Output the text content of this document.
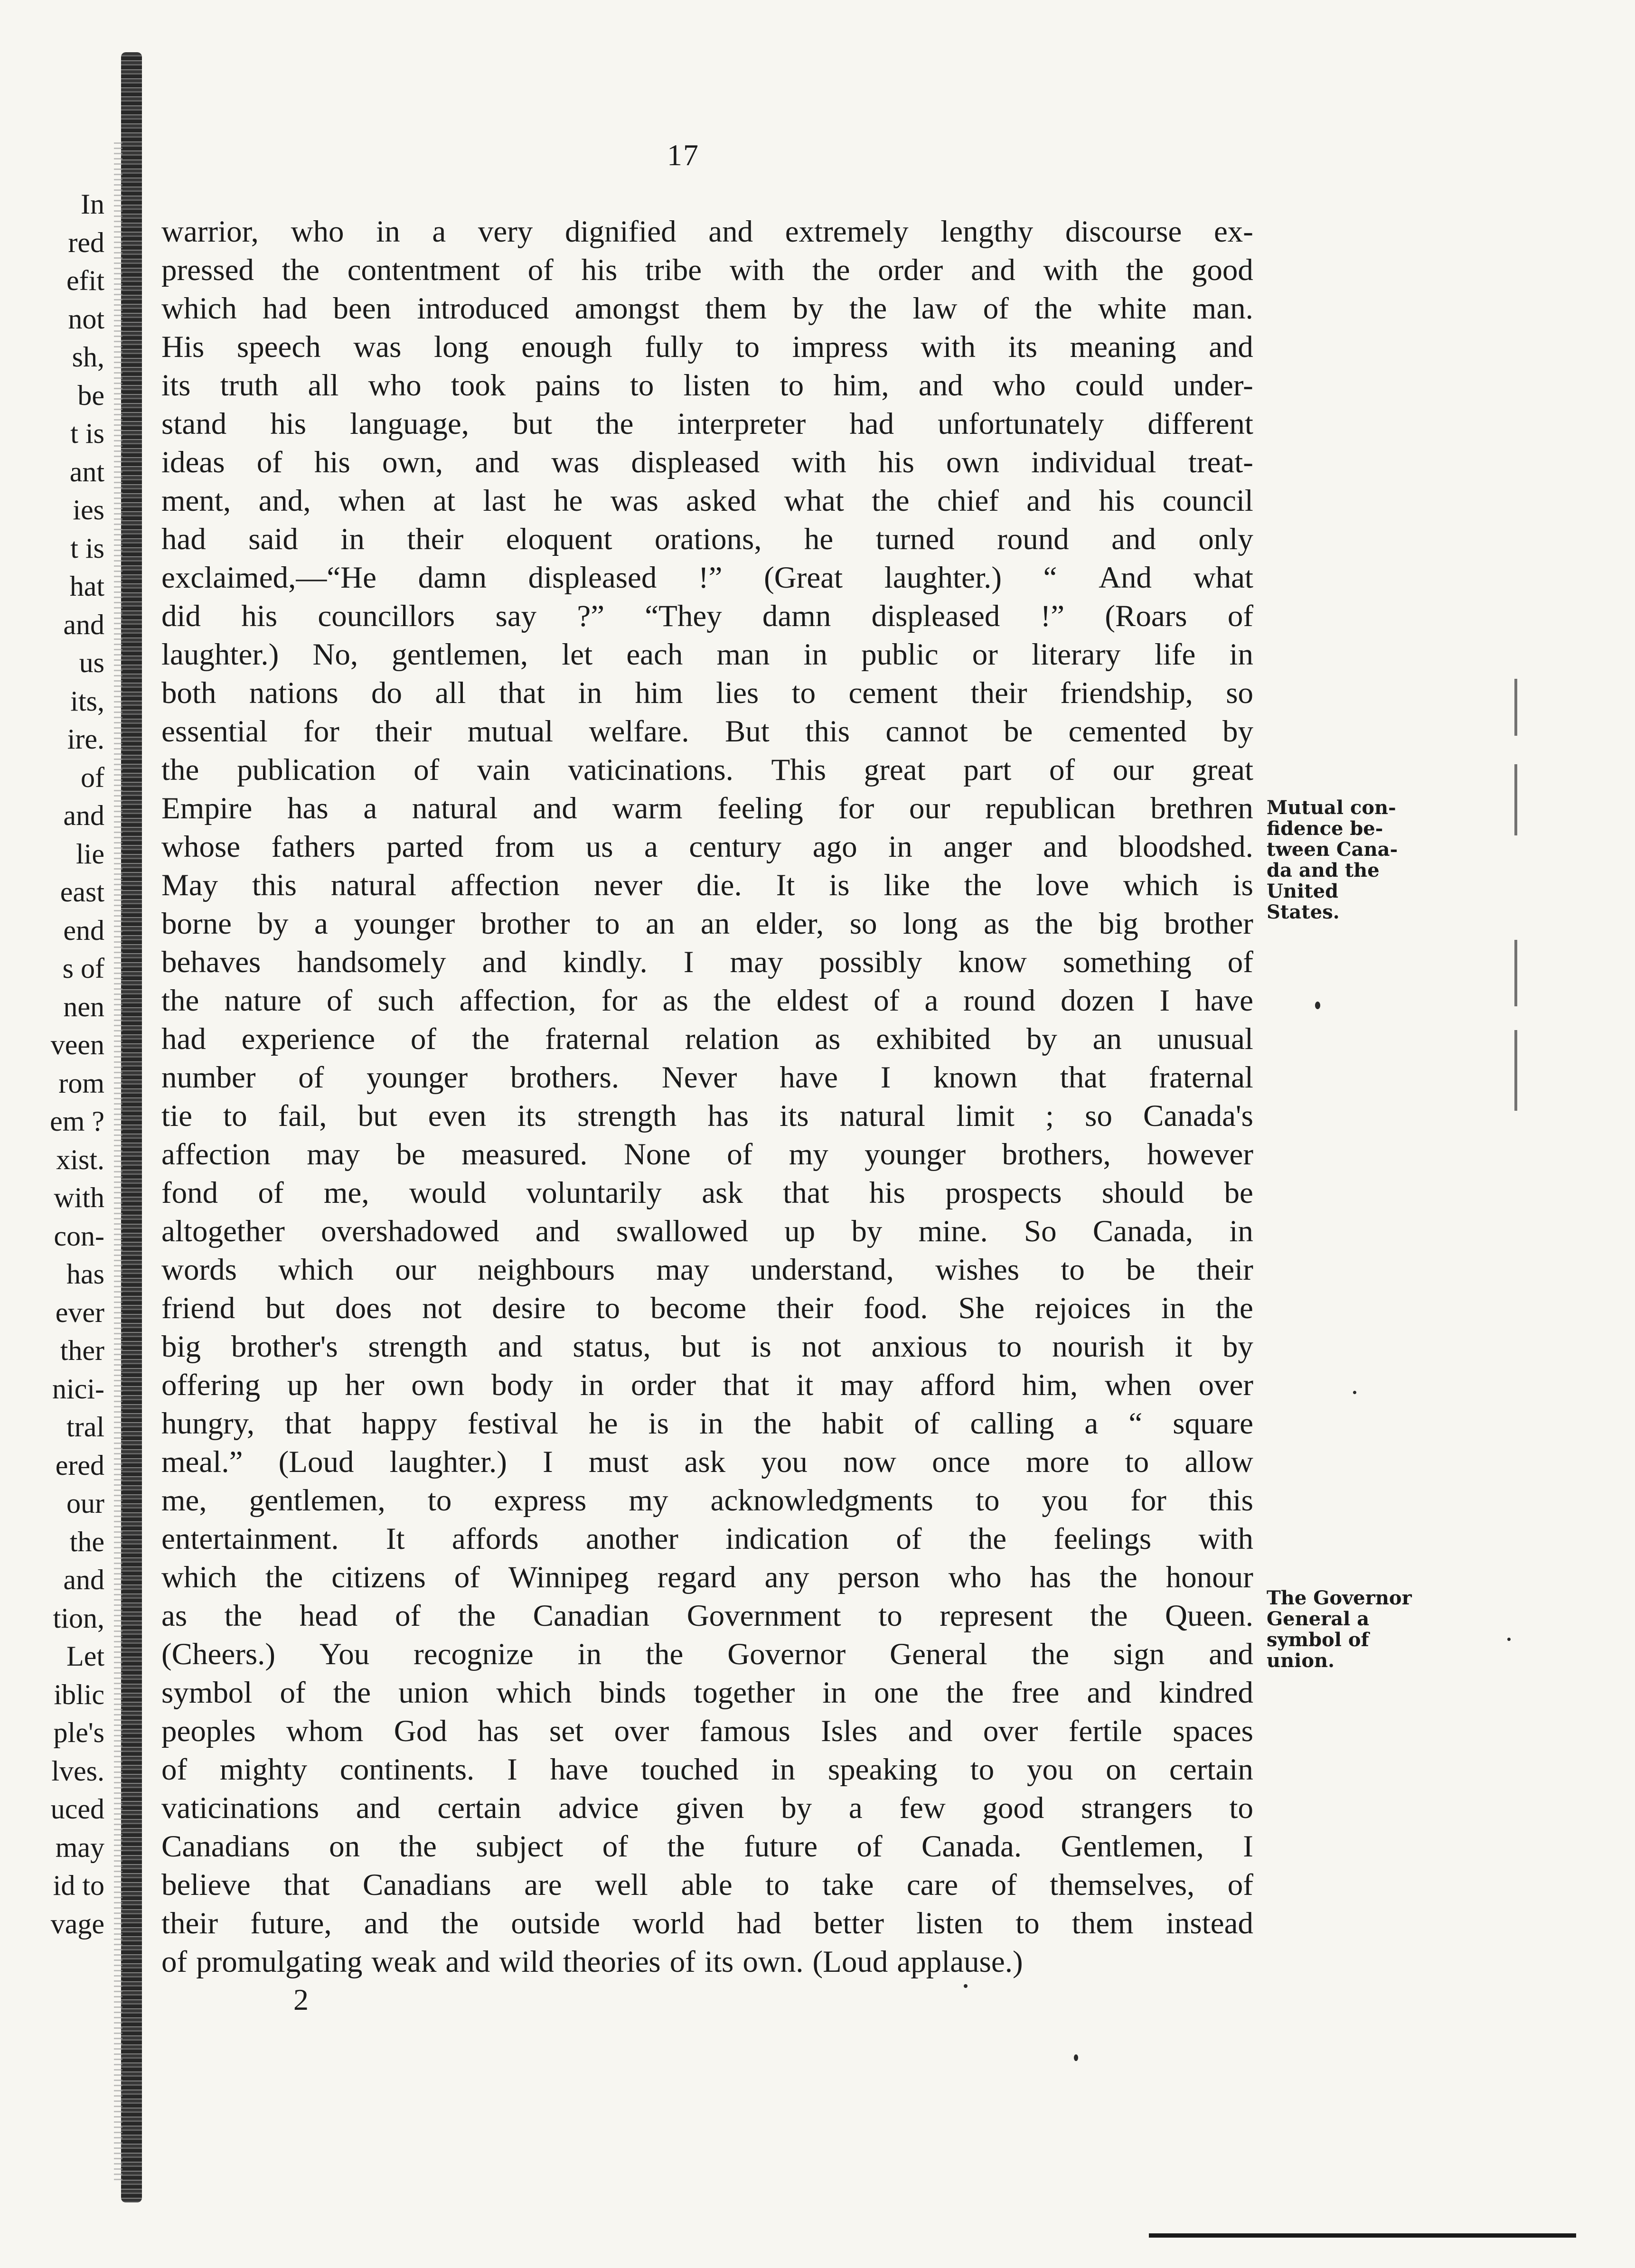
17
In
red
efit
not
sh,
be
t is
ant
ies
t is
hat
and
us
its,
ire.
of
and
lie
east
end
s of
nen
veen
rom
em ?
xist.
with
con-
has
ever
ther
nici-
tral
ered
our
the
and
tion,
Let
iblic
ple's
lves.
uced
may
id to
vage
warrior, who in a very dignified and extremely lengthy discourse ex-
pressed the contentment of his tribe with the order and with the good
which had been introduced amongst them by the law of the white man.
His speech was long enough fully to impress with its meaning and
its truth all who took pains to listen to him, and who could under-
stand his language, but the interpreter had unfortunately different
ideas of his own, and was displeased with his own individual treat-
ment, and, when at last he was asked what the chief and his council
had said in their eloquent orations, he turned round and only
exclaimed,—“He damn displeased !” (Great laughter.) “ And what
did his councillors say ?” “They damn displeased !” (Roars of
laughter.) No, gentlemen, let each man in public or literary life in
both nations do all that in him lies to cement their friendship, so
essential for their mutual welfare. But this cannot be cemented by
the publication of vain vaticinations. This great part of our great
Empire has a natural and warm feeling for our republican brethren
whose fathers parted from us a century ago in anger and bloodshed.
May this natural affection never die. It is like the love which is
borne by a younger brother to an an elder, so long as the big brother
behaves handsomely and kindly. I may possibly know something of
the nature of such affection, for as the eldest of a round dozen I have
had experience of the fraternal relation as exhibited by an unusual
number of younger brothers. Never have I known that fraternal
tie to fail, but even its strength has its natural limit ; so Canada's
affection may be measured. None of my younger brothers, however
fond of me, would voluntarily ask that his prospects should be
altogether overshadowed and swallowed up by mine. So Canada, in
words which our neighbours may understand, wishes to be their
friend but does not desire to become their food. She rejoices in the
big brother's strength and status, but is not anxious to nourish it by
offering up her own body in order that it may afford him, when over
hungry, that happy festival he is in the habit of calling a “ square
meal.” (Loud laughter.) I must ask you now once more to allow
me, gentlemen, to express my acknowledgments to you for this
entertainment. It affords another indication of the feelings with
which the citizens of Winnipeg regard any person who has the honour
as the head of the Canadian Government to represent the Queen.
(Cheers.) You recognize in the Governor General the sign and
symbol of the union which binds together in one the free and kindred
peoples whom God has set over famous Isles and over fertile spaces
of mighty continents. I have touched in speaking to you on certain
vaticinations and certain advice given by a few good strangers to
Canadians on the subject of the future of Canada. Gentlemen, I
believe that Canadians are well able to take care of themselves, of
their future, and the outside world had better listen to them instead
of promulgating weak and wild theories of its own. (Loud applause.)
Mutual con-
fidence be-
tween Cana-
da and the
United
States.
The Governor
General a
symbol of
union.
2
